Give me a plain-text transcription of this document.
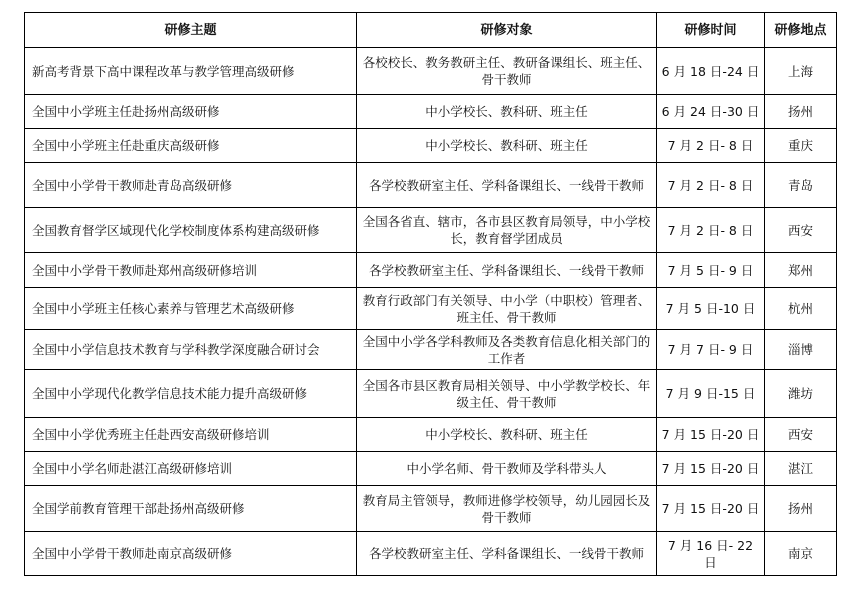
研修主题	研修对象	研修时间	研修地点
新高考背景下高中课程改革与教学管理高级研修	各校校长、教务教研主任、教研备课组长、班主任、骨干教师	6 月 18 日-24 日	上海
全国中小学班主任赴扬州高级研修	中小学校长、教科研、班主任	6 月 24 日-30 日	扬州
全国中小学班主任赴重庆高级研修	中小学校长、教科研、班主任	7 月 2 日- 8 日	重庆
全国中小学骨干教师赴青岛高级研修	各学校教研室主任、学科备课组长、一线骨干教师	7 月 2 日- 8 日	青岛
全国教育督学区域现代化学校制度体系构建高级研修	全国各省直、辖市，各市县区教育局领导，中小学校长，教育督学团成员	7 月 2 日- 8 日	西安
全国中小学骨干教师赴郑州高级研修培训	各学校教研室主任、学科备课组长、一线骨干教师	7 月 5 日- 9 日	郑州
全国中小学班主任核心素养与管理艺术高级研修	教育行政部门有关领导、中小学（中职校）管理者、班主任、骨干教师	7 月 5 日-10 日	杭州
全国中小学信息技术教育与学科教学深度融合研讨会	全国中小学各学科教师及各类教育信息化相关部门的工作者	7 月 7 日- 9 日	淄博
全国中小学现代化教学信息技术能力提升高级研修	全国各市县区教育局相关领导、中小学教学校长、年级主任、骨干教师	7 月 9 日-15 日	潍坊
全国中小学优秀班主任赴西安高级研修培训	中小学校长、教科研、班主任	7 月 15 日-20 日	西安
全国中小学名师赴湛江高级研修培训	中小学名师、骨干教师及学科带头人	7 月 15 日-20 日	湛江
全国学前教育管理干部赴扬州高级研修	教育局主管领导，教师进修学校领导，幼儿园园长及骨干教师	7 月 15 日-20 日	扬州
全国中小学骨干教师赴南京高级研修	各学校教研室主任、学科备课组长、一线骨干教师	7 月 16 日- 22 日	南京
